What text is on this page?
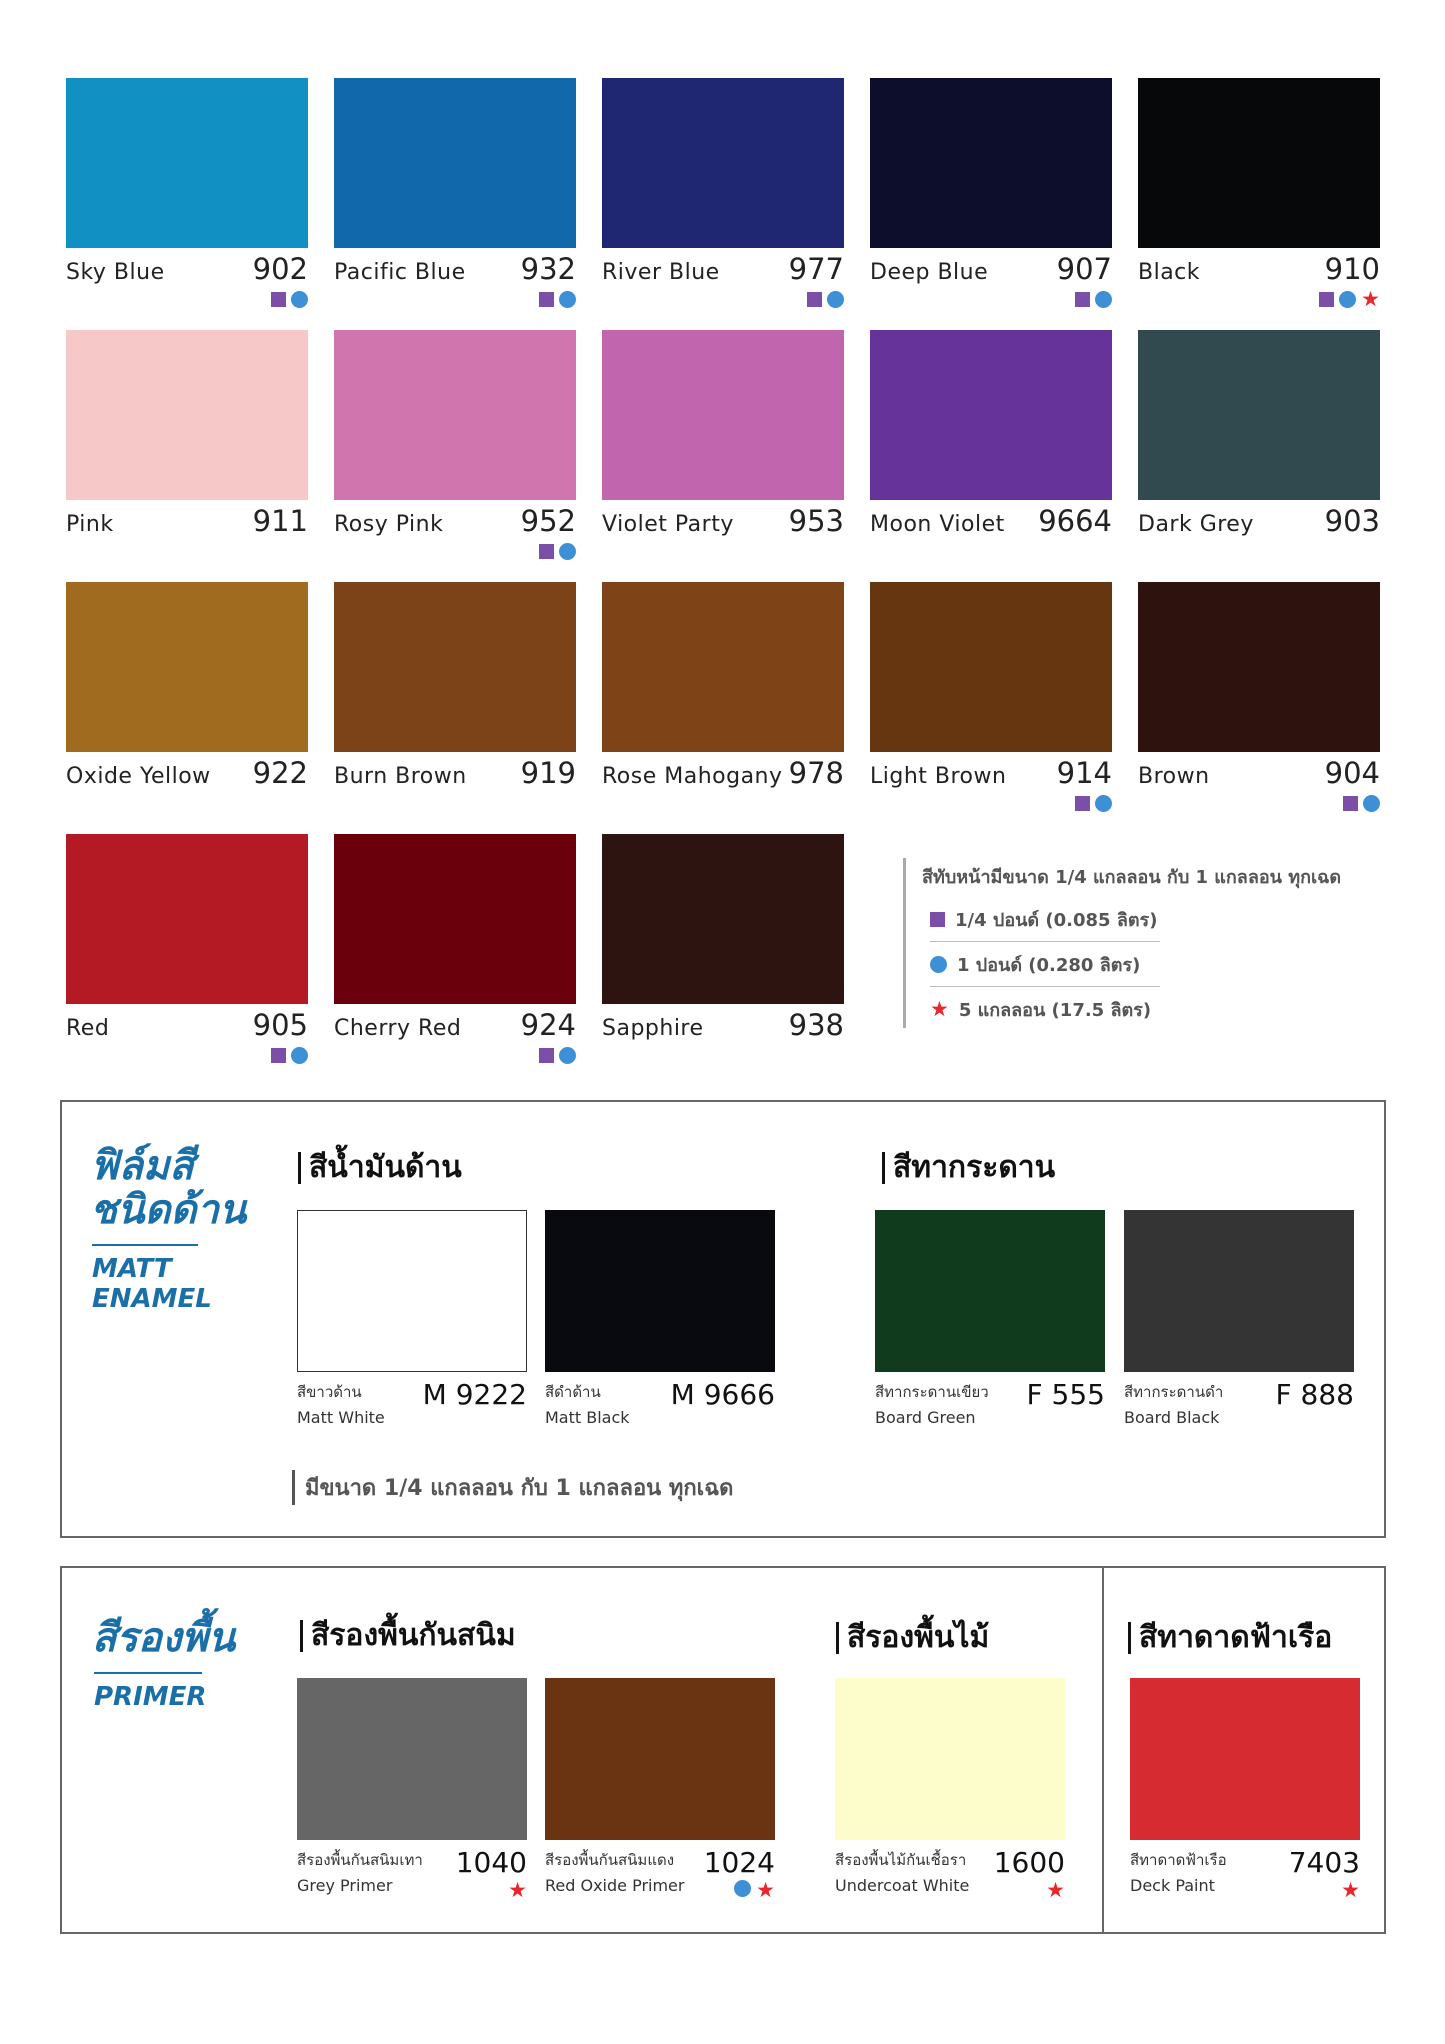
Sky Blue	902 Pacific Blue 932 River Blue 977 Deep Blue 907 Black	910
★
Pink	911 Rosy Pink	952 Violet Party 953 Moon Violet 9664 Dark Grey 903
Oxide Yellow 922 Burn Brown 919 Rose Mahogany 978 Light Brown 914 Brown	904
Red	905 Cherry Red 924 Sapphire	938
สีทับหน้ามีขนาด 1/4 แกลลอน กับ 1 แกลลอน ทุกเฉด
1/4 ปอนด์ (0.085 ลิตร)
1 ปอนด์ (0.280 ลิตร)
★ 5 แกลลอน (17.5 ลิตร)
ฟิล์มสี
ชนิดด้าน
MATT
ENAMEL
สีน้ำมันด้าน	สีทากระดาน
สีขาวด้าน
Matt White
M 9222 สีดำด้าน
Matt Black
M 9666	สีทากระดานเขียว
Board Green
F 555 สีทากระดานดำ
Board Black
F 888
มีขนาด 1/4 แกลลอน กับ 1 แกลลอน ทุกเฉด
สีรองพื้น
PRIMER
สีรองพื้นกันสนิม	สีรองพื้นไม้	สีทาดาดฟ้าเรือ
สีรองพื้นกันสนิมเทา
Grey Primer
1040
★
สีรองพื้นกันสนิมแดง
Red Oxide Primer
1024
★
สีรองพื้นไม้กันเชื้อรา
Undercoat White
1600
★
สีทาดาดฟ้าเรือ
Deck Paint
7403
★
